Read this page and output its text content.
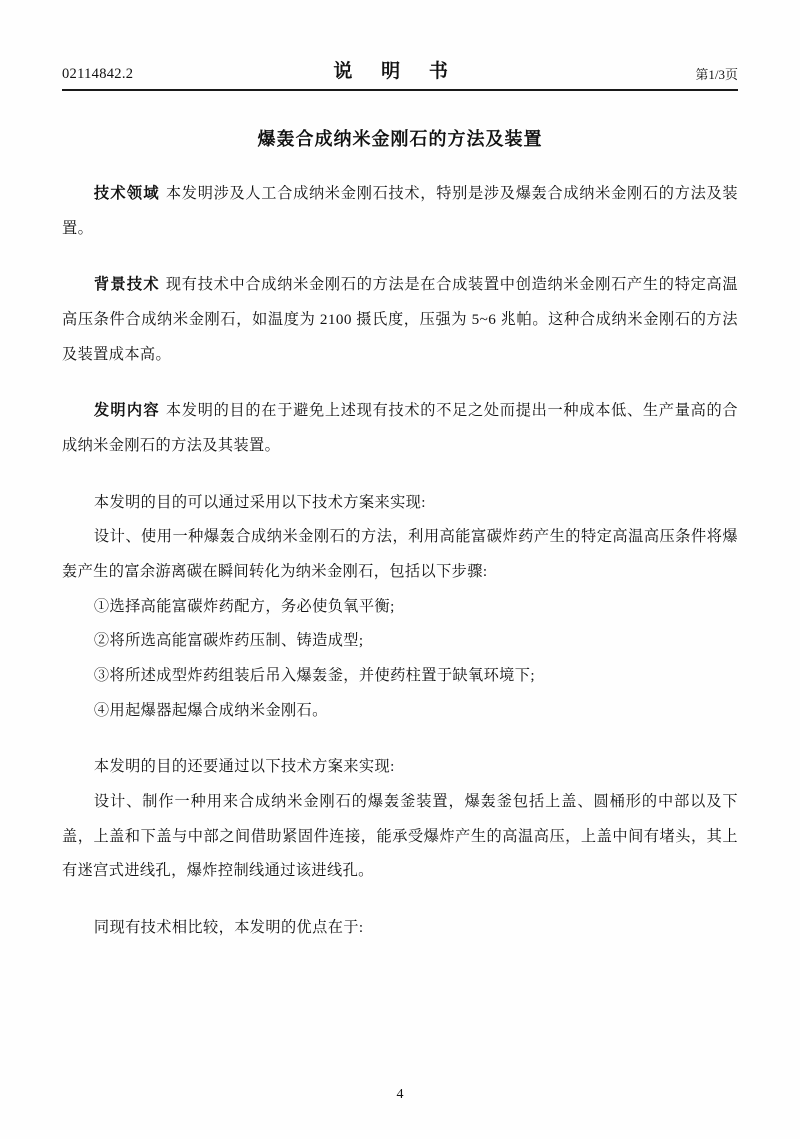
02114842.2	说 明 书	第1/3页
爆轰合成纳米金刚石的方法及装置

技术领域 本发明涉及人工合成纳米金刚石技术，特别是涉及爆轰合成纳米金刚石的方法及装置。

背景技术 现有技术中合成纳米金刚石的方法是在合成装置中创造纳米金刚石产生的特定高温高压条件合成纳米金刚石，如温度为 2100 摄氏度，压强为 5~6 兆帕。这种合成纳米金刚石的方法及装置成本高。

发明内容 本发明的目的在于避免上述现有技术的不足之处而提出一种成本低、生产量高的合成纳米金刚石的方法及其装置。

本发明的目的可以通过采用以下技术方案来实现:

设计、使用一种爆轰合成纳米金刚石的方法，利用高能富碳炸药产生的特定高温高压条件将爆轰产生的富余游离碳在瞬间转化为纳米金刚石，包括以下步骤:

①选择高能富碳炸药配方，务必使负氧平衡;

②将所选高能富碳炸药压制、铸造成型;

③将所述成型炸药组装后吊入爆轰釜，并使药柱置于缺氧环境下;

④用起爆器起爆合成纳米金刚石。

本发明的目的还要通过以下技术方案来实现:

设计、制作一种用来合成纳米金刚石的爆轰釜装置，爆轰釜包括上盖、圆桶形的中部以及下盖，上盖和下盖与中部之间借助紧固件连接，能承受爆炸产生的高温高压，上盖中间有堵头，其上有迷宫式进线孔，爆炸控制线通过该进线孔。

同现有技术相比较，本发明的优点在于:

4
